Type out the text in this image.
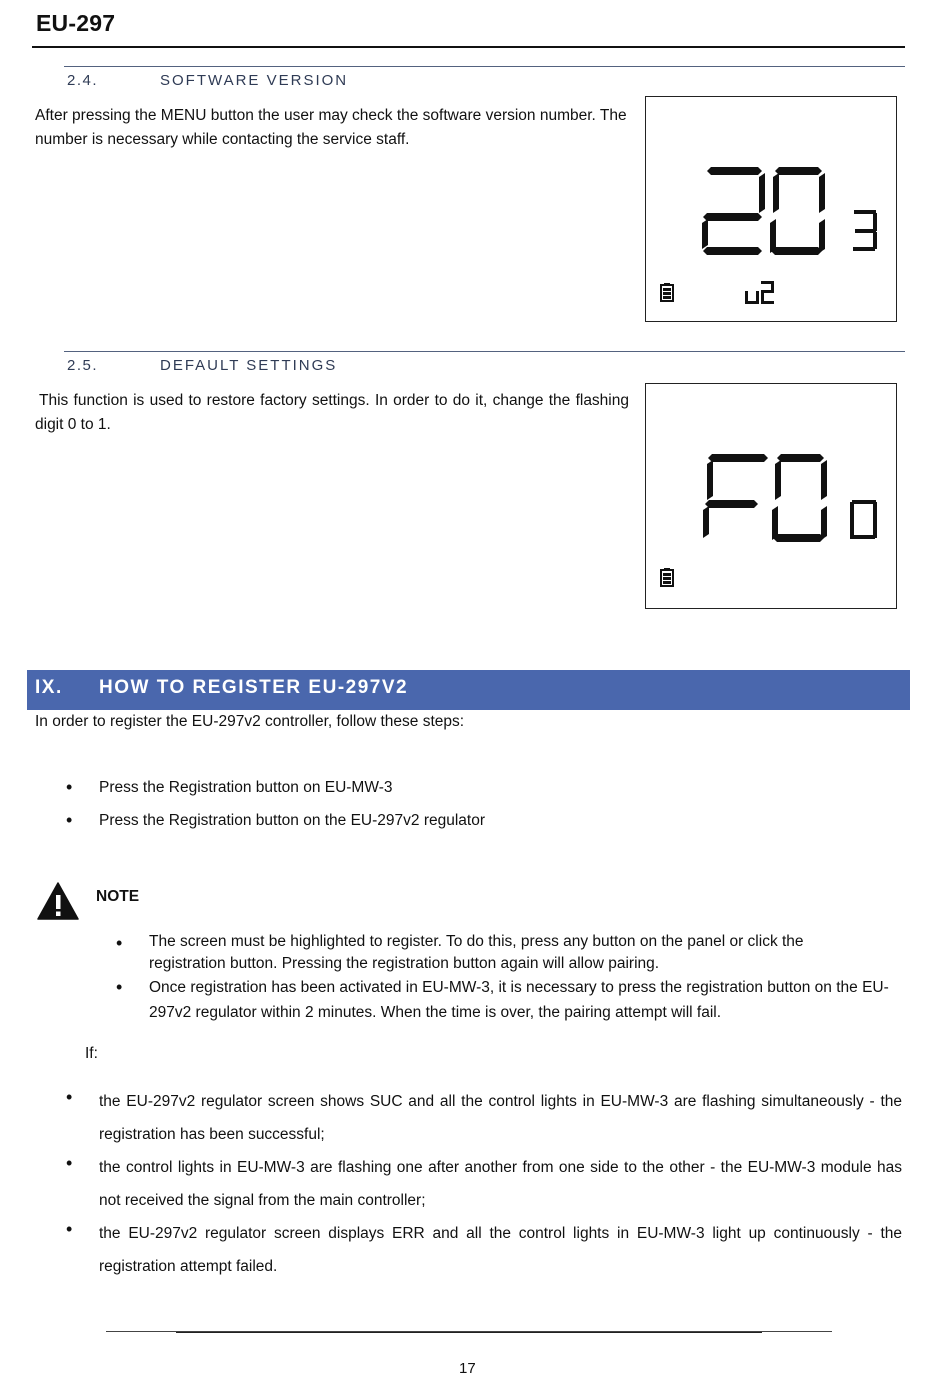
EU-297
2.4.	SOFTWARE VERSION
After pressing the MENU button the user may check the software version number. The number is necessary while contacting the service staff.
2.5.	DEFAULT SETTINGS
This function is used to restore factory settings. In order to do it, change the flashing digit 0 to 1.
IX. HOW TO REGISTER EU-297V2
In order to register the EU-297v2 controller, follow these steps:
• Press the Registration button on EU-MW-3
• Press the Registration button on the EU-297v2 regulator
NOTE
• The screen must be highlighted to register. To do this, press any button on the panel or click the registration button. Pressing the registration button again will allow pairing.
• Once registration has been activated in EU-MW-3, it is necessary to press the registration button on the EU-297v2 regulator within 2 minutes. When the time is over, the pairing attempt will fail.
If:
• the EU-297v2 regulator screen shows SUC and all the control lights in EU-MW-3 are flashing simultaneously - the registration has been successful;
• the control lights in EU-MW-3 are flashing one after another from one side to the other - the EU-MW-3 module has not received the signal from the main controller;
• the EU-297v2 regulator screen displays ERR and all the control lights in EU-MW-3 light up continuously - the registration attempt failed.
17
